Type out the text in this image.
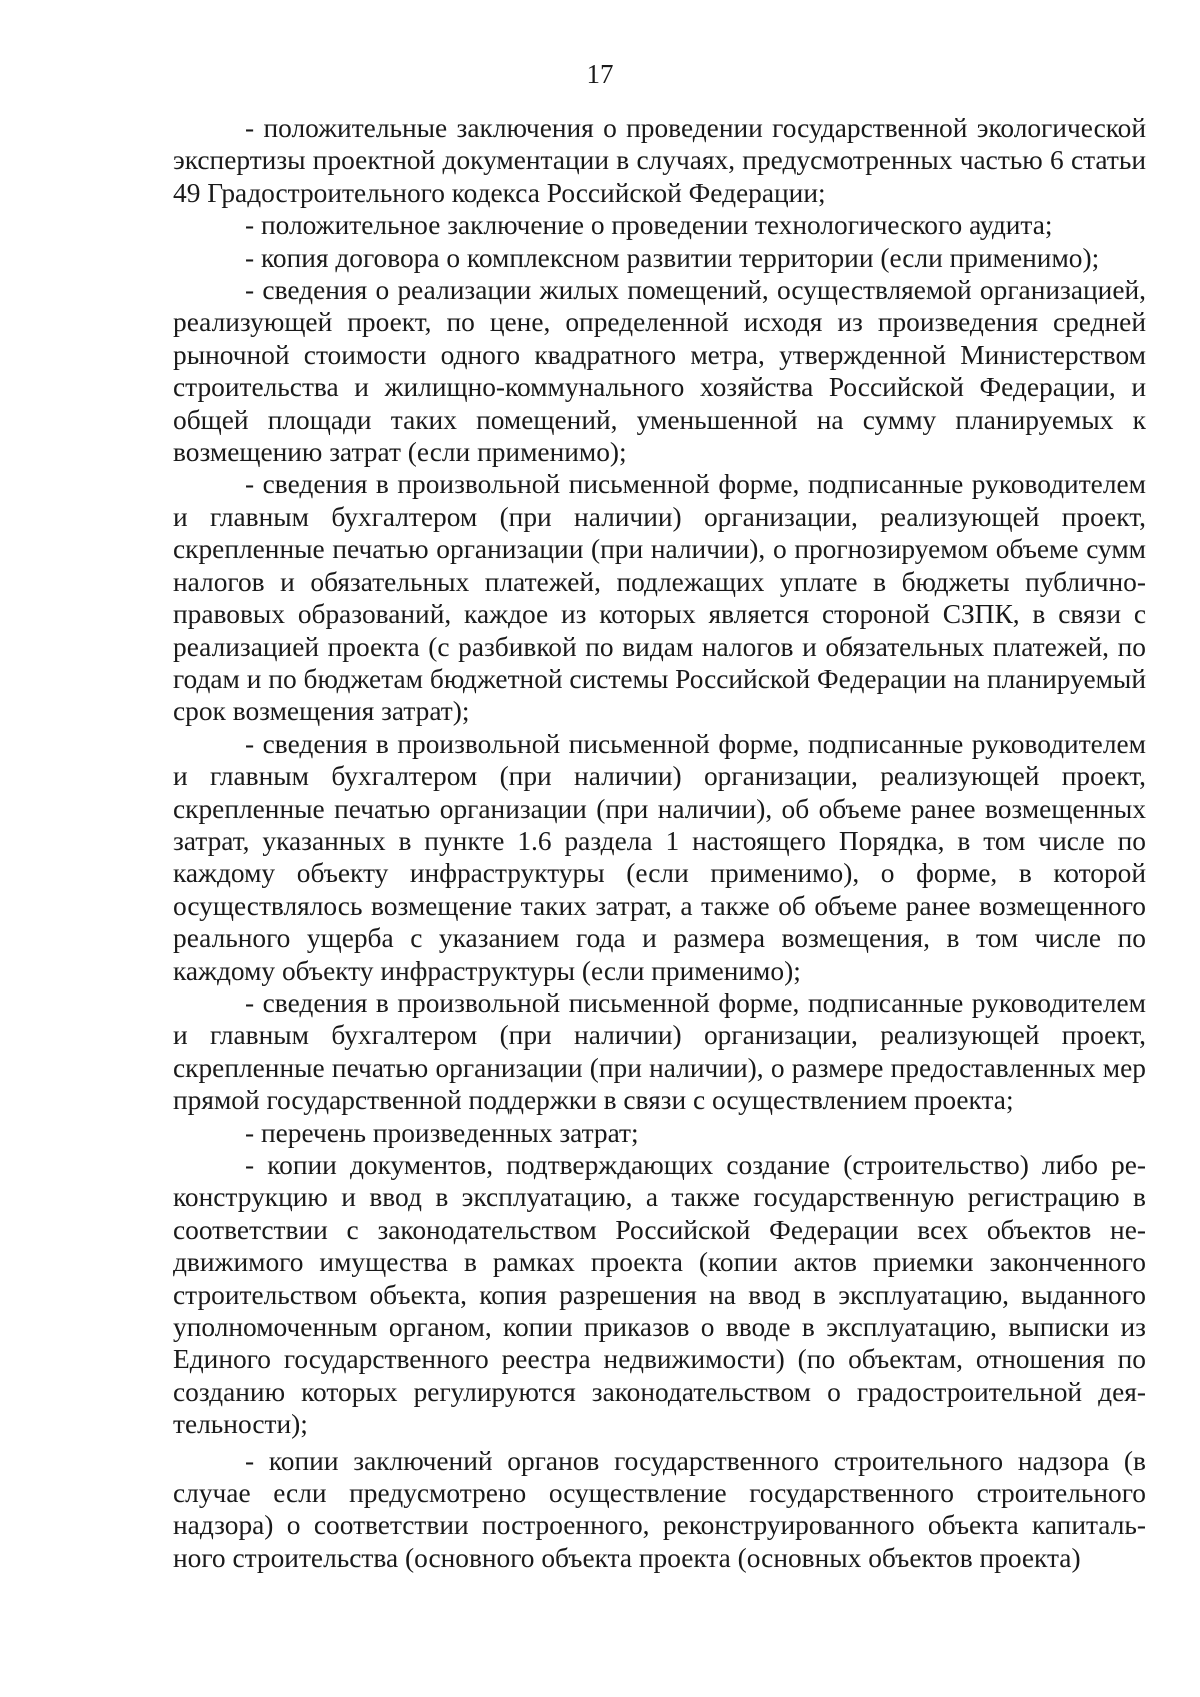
17

- положительные заключения о проведении государственной экологической экспертизы проектной документации в случаях, предусмотренных частью 6 статьи 49 Градостроительного кодекса Российской Федерации;

- положительное заключение о проведении технологического аудита;

- копия договора о комплексном развитии территории (если применимо);

- сведения о реализации жилых помещений, осуществляемой организацией, реализующей проект, по цене, определенной исходя из произведения средней рыночной стоимости одного квадратного метра, утвержденной Министерством строительства и жилищно-коммунального хозяйства Российской Федерации, и общей площади таких помещений, уменьшенной на сумму планируемых к возмещению затрат (если применимо);

- сведения в произвольной письменной форме, подписанные руководителем и главным бухгалтером (при наличии) организации, реализующей проект, скрепленные печатью организации (при наличии), о прогнозируемом объеме сумм налогов и обязательных платежей, подлежащих уплате в бюджеты публично-правовых образований, каждое из которых является стороной СЗПК, в связи с реализацией проекта (с разбивкой по видам налогов и обязательных платежей, по годам и по бюджетам бюджетной системы Российской Федерации на планируемый срок возмещения затрат);

- сведения в произвольной письменной форме, подписанные руководителем и главным бухгалтером (при наличии) организации, реализующей проект, скрепленные печатью организации (при наличии), об объеме ранее возмещенных затрат, указанных в пункте 1.6 раздела 1 настоящего Порядка, в том числе по каждому объекту инфраструктуры (если применимо), о форме, в которой осуществлялось возмещение таких затрат, а также об объеме ранее возмещенного реального ущерба с указанием года и размера возмещения, в том числе по каждому объекту инфраструктуры (если применимо);

- сведения в произвольной письменной форме, подписанные руководителем и главным бухгалтером (при наличии) организации, реализующей проект, скрепленные печатью организации (при наличии), о размере предоставленных мер прямой государственной поддержки в связи с осуществлением проекта;

- перечень произведенных затрат;

- копии документов, подтверждающих создание (строительство) либо реконструкцию и ввод в эксплуатацию, а также государственную регистрацию в соответствии с законодательством Российской Федерации всех объектов недвижимого имущества в рамках проекта (копии актов приемки законченного строительством объекта, копия разрешения на ввод в эксплуатацию, выданного уполномоченным органом, копии приказов о вводе в эксплуатацию, выписки из Единого государственного реестра недвижимости) (по объектам, отношения по созданию которых регулируются законодательством о градостроительной деятельности);

- копии заключений органов государственного строительного надзора (в случае если предусмотрено осуществление государственного строительного надзора) о соответствии построенного, реконструированного объекта капитального строительства (основного объекта проекта (основных объектов проекта)
